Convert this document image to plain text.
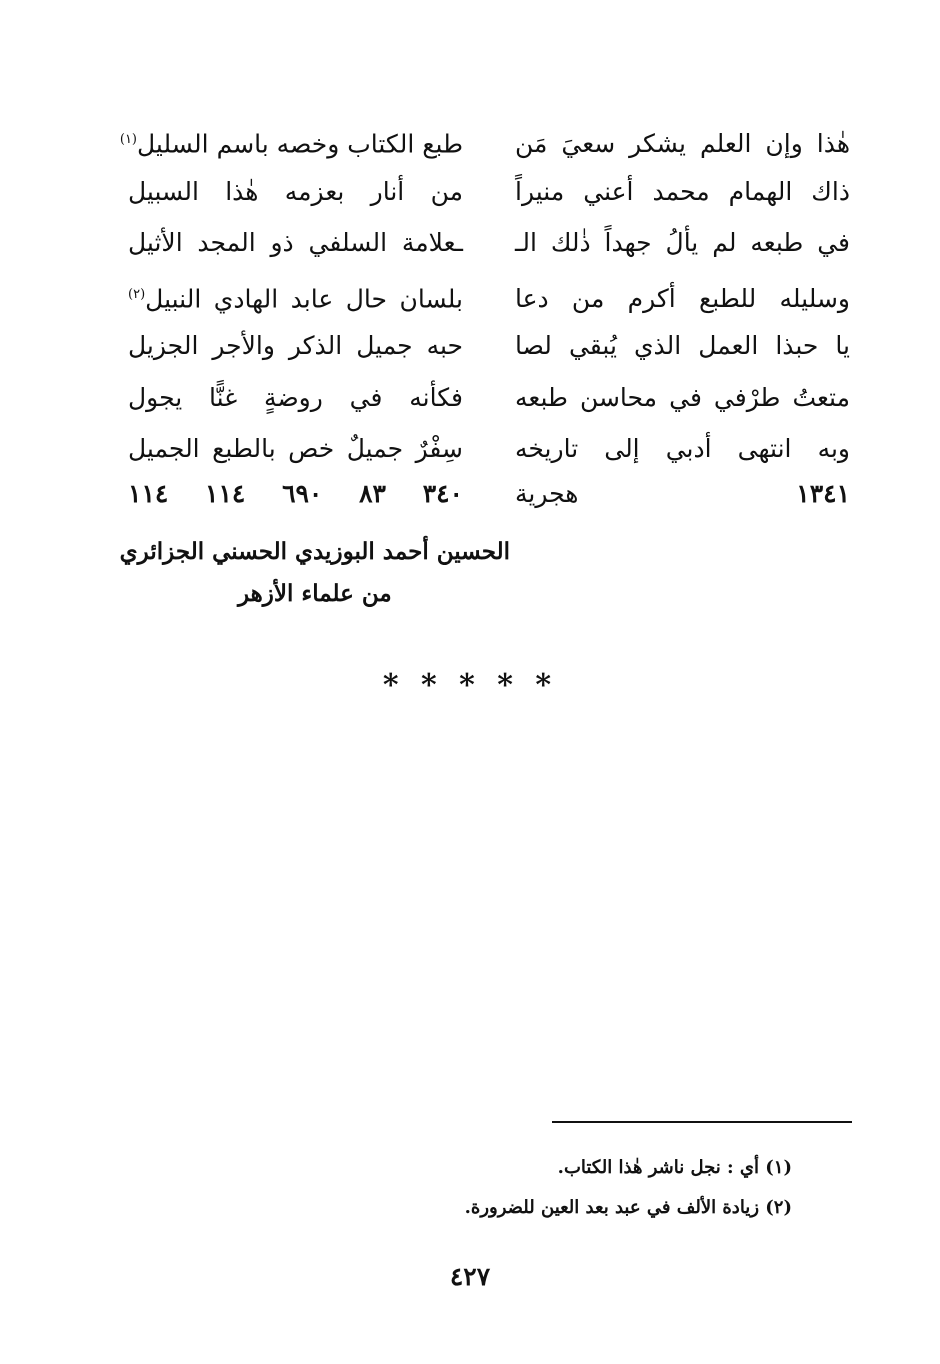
هٰذا وإن العلم يشكر سعيَ مَن
طبع الكتاب وخصه باسم السليل$^{(١)}$
ذاك الهمام محمد أعني منيراً
من أنار بعزمه هٰذا السبيل
في طبعه لم يألُ جهداً ذٰلك الـ
ـعلامة السلفي ذو المجد الأثيل
وسليله للطبع أكرم من دعا
بلسان حال عابد الهادي النبيل$^{(٢)}$
يا حبذا العمل الذي يُبقي لصا
حبه جميل الذكر والأجر الجزيل
متعتُ طرْفي في محاسن طبعه
فكأنه في روضةٍ غنًّا يجول
وبه انتهى أدبي إلى تاريخه
سِفْرٌ جميلٌ خص بالطبع الجميل
١٣٤١
هجرية
٣٤٠
٨٣
٦٩٠
١١٤
١١٤
الحسين أحمد البوزيدي الحسني الجزائري
من علماء الأزهر
* * * * *
(١) أي : نجل ناشر هٰذا الكتاب.
(٢) زيادة الألف في عبد بعد العين للضرورة.
٤٢٧
